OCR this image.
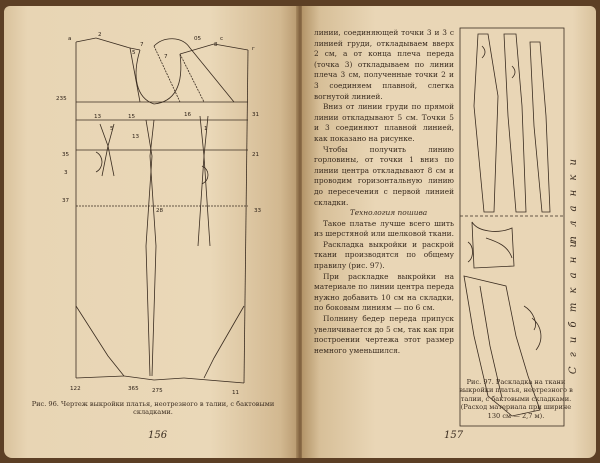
а
2
5
7
7
05
8
с
г
235
13	15	16	31
35	21
1
5
37
3
33
28
13
122	365 275	11
Рис. 96. Чертеж выкройки платья, неотрезного в талии, с бактовыми складками.
156

линии, соединяющей точки 3 и 3 с линией груди, откладываем вверх 2 см, а от конца плеча переда (точка 3) откладываем по линии плеча 3 см, полученные точки 2 и 3 соединяем плавной, слегка вогнутой линией.

Вниз от линии груди по прямой линии откладывают 5 см. Точки 5 и 3 соединяют плавной линией, как показано на рисунке.

Чтобы получить линию горловины, от точки 1 вниз по линии центра откладывают 8 см и проводим горизонтальную линию до пересечения с первой линией складки.

Технология пошива

Такое платье лучше всего шить из шерстяной или шелковой ткани.

Раскладка выкройки и раскрой ткани производятся по общему правилу (рис. 97).

При раскладке выкройки на материале по линии центра переда нужно добавить 10 см на складки, по боковым линиям — по 6 см.

Полнину бедер переда припуск увеличивается до 5 см, так как при построении чертежа этот размер немного уменьшился.

п л а н к и
С г и б т к а н и
Рис. 97. Раскладка на ткани выкройки платья, неотрезного в талии, с бактовыми складками. (Расход материала при ширине 130 см — 2,7 м).
157
